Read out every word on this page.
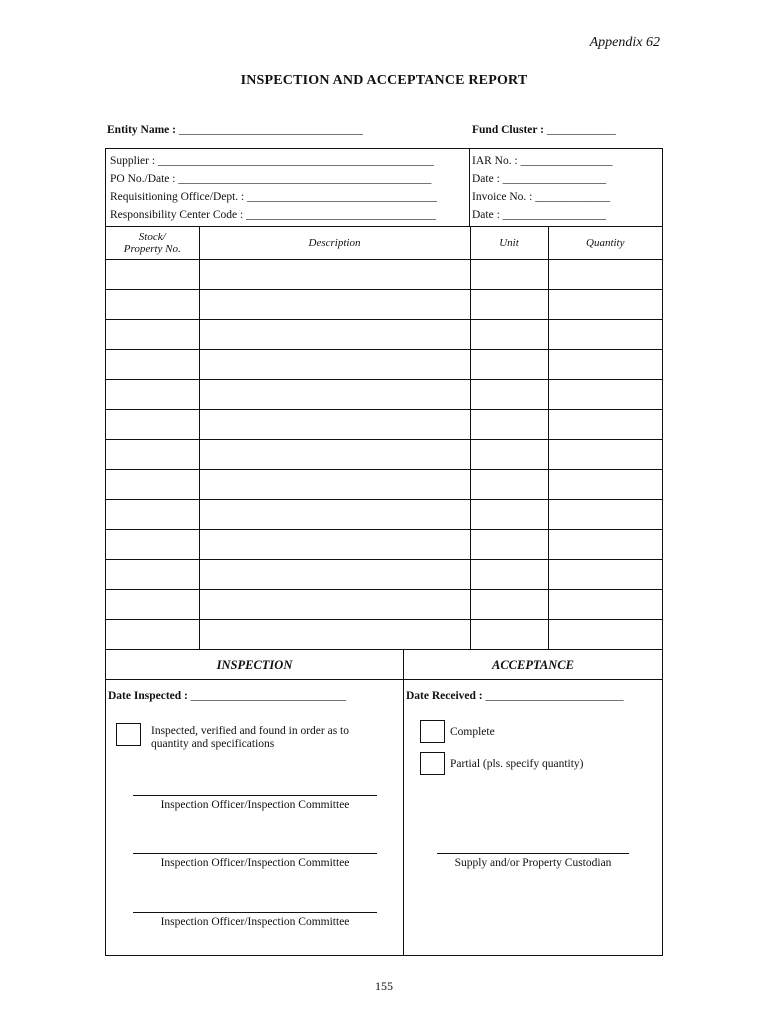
Appendix 62
INSPECTION AND ACCEPTANCE REPORT
Entity Name : ________________________________	Fund Cluster : ____________
Supplier : ________________________________________________
PO No./Date : ____________________________________________
Requisitioning Office/Dept. : _________________________________
Responsibility Center Code : _________________________________
IAR No. : ________________
Date : __________________
Invoice No. : _____________
Date : __________________
Stock/
Property No.	Description	Unit	Quantity

INSPECTION
Date Inspected : ___________________________
Inspected, verified and found in order as to
quantity and specifications
Inspection Officer/Inspection Committee
Inspection Officer/Inspection Committee
Inspection Officer/Inspection Committee
ACCEPTANCE
Date Received : ________________________
Complete
Partial (pls. specify quantity)
Supply and/or Property Custodian
155
